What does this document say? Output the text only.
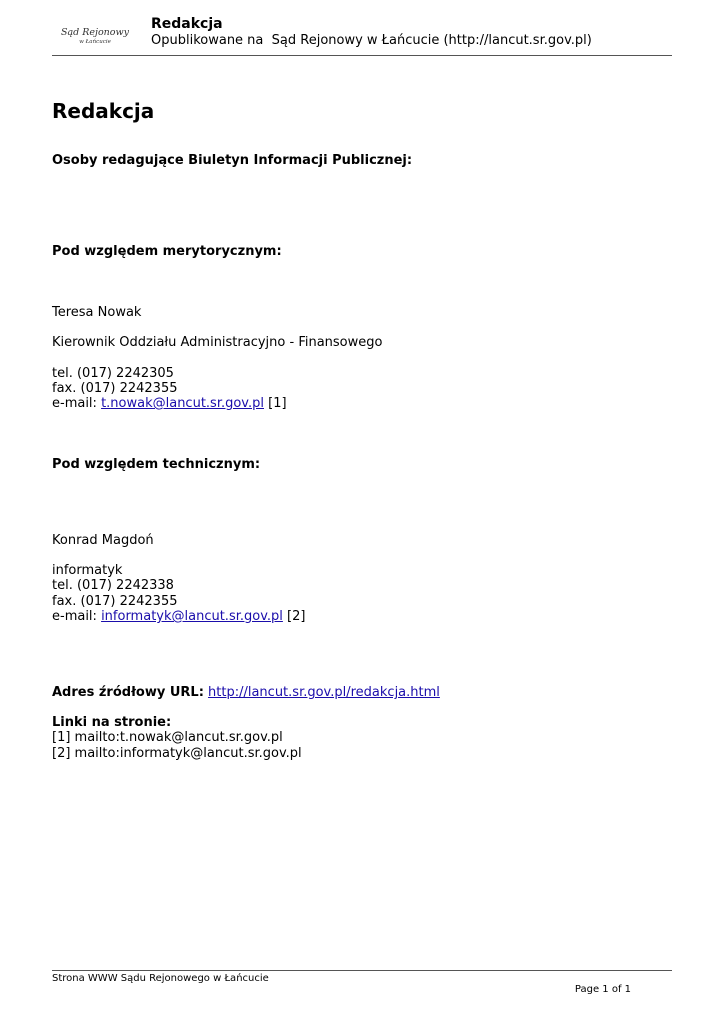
Sąd Rejonowy
w Łańcucie
Redakcja
Opublikowane na  Sąd Rejonowy w Łańcucie (http://lancut.sr.gov.pl)
Redakcja
Osoby redagujące Biuletyn Informacji Publicznej:
Pod względem merytorycznym:
Teresa Nowak
Kierownik Oddziału Administracyjno - Finansowego
tel. (017) 2242305
fax. (017) 2242355
e-mail: t.nowak@lancut.sr.gov.pl [1]
Pod względem technicznym:
Konrad Magdoń
informatyk
tel. (017) 2242338
fax. (017) 2242355
e-mail: informatyk@lancut.sr.gov.pl [2]
Adres źródłowy URL: http://lancut.sr.gov.pl/redakcja.html
Linki na stronie:
[1] mailto:t.nowak@lancut.sr.gov.pl
[2] mailto:informatyk@lancut.sr.gov.pl
Strona WWW Sądu Rejonowego w Łańcucie
Page 1 of 1
